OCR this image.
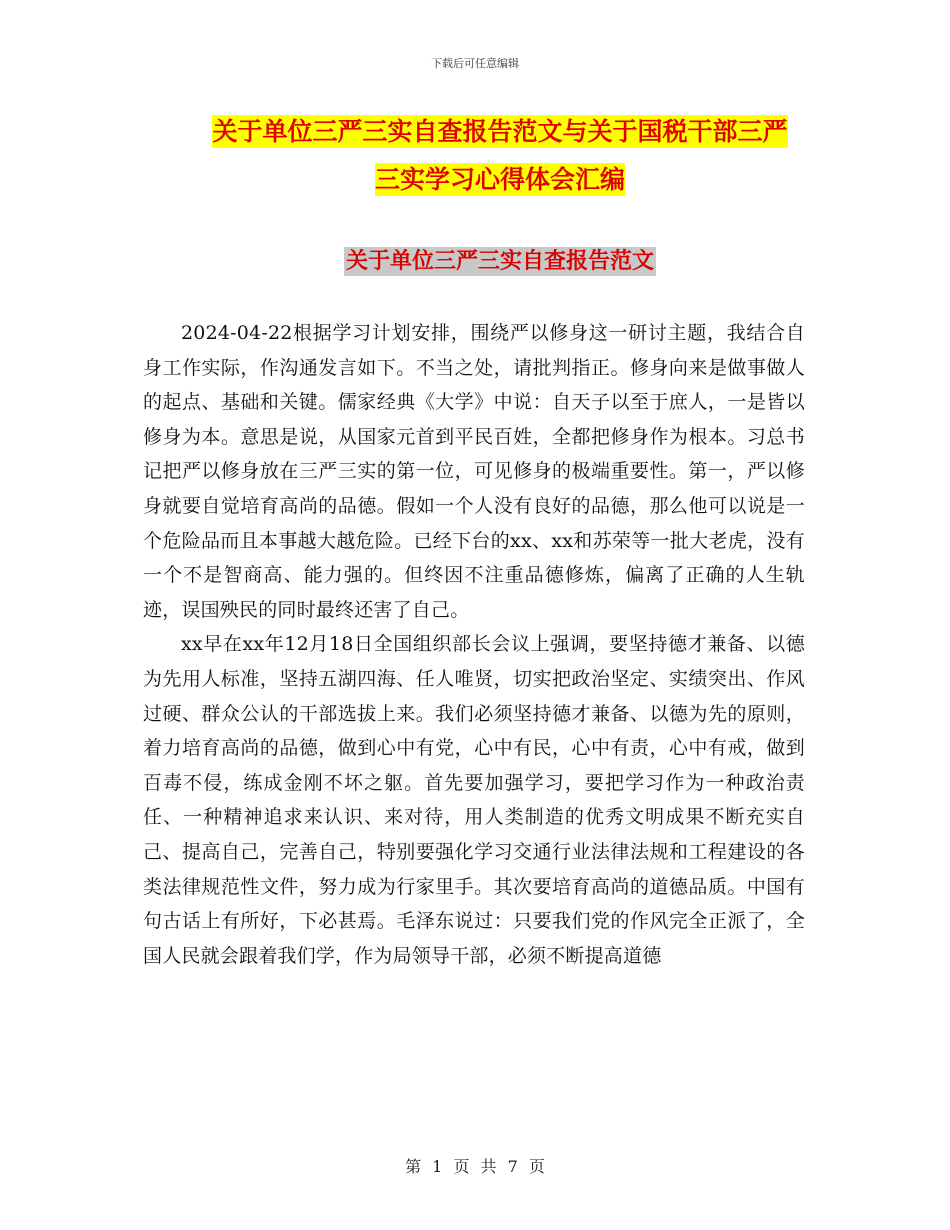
下载后可任意编辑
关于单位三严三实自查报告范文与关于国税干部三严
三实学习心得体会汇编
关于单位三严三实自查报告范文

2024-04-22根据学习计划安排，围绕严以修身这一研讨主题，我结合自身工作实际，作沟通发言如下。不当之处，请批判指正。修身向来是做事做人的起点、基础和关键。儒家经典《大学》中说：自天子以至于庶人，一是皆以修身为本。意思是说，从国家元首到平民百姓，全都把修身作为根本。习总书记把严以修身放在三严三实的第一位，可见修身的极端重要性。第一，严以修身就要自觉培育高尚的品德。假如一个人没有良好的品德，那么他可以说是一个危险品而且本事越大越危险。已经下台的xx、xx和苏荣等一批大老虎，没有一个不是智商高、能力强的。但终因不注重品德修炼，偏离了正确的人生轨迹，误国殃民的同时最终还害了自己。

xx早在xx年12月18日全国组织部长会议上强调，要坚持德才兼备、以德为先用人标准，坚持五湖四海、任人唯贤，切实把政治坚定、实绩突出、作风过硬、群众公认的干部选拔上来。我们必须坚持德才兼备、以德为先的原则，着力培育高尚的品德，做到心中有党，心中有民，心中有责，心中有戒，做到百毒不侵，练成金刚不坏之躯。首先要加强学习，要把学习作为一种政治责任、一种精神追求来认识、来对待，用人类制造的优秀文明成果不断充实自己、提高自己，完善自己，特别要强化学习交通行业法律法规和工程建设的各类法律规范性文件，努力成为行家里手。其次要培育高尚的道德品质。中国有句古话上有所好，下必甚焉。毛泽东说过：只要我们党的作风完全正派了，全国人民就会跟着我们学，作为局领导干部，必须不断提高道德

第 1 页 共 7 页
